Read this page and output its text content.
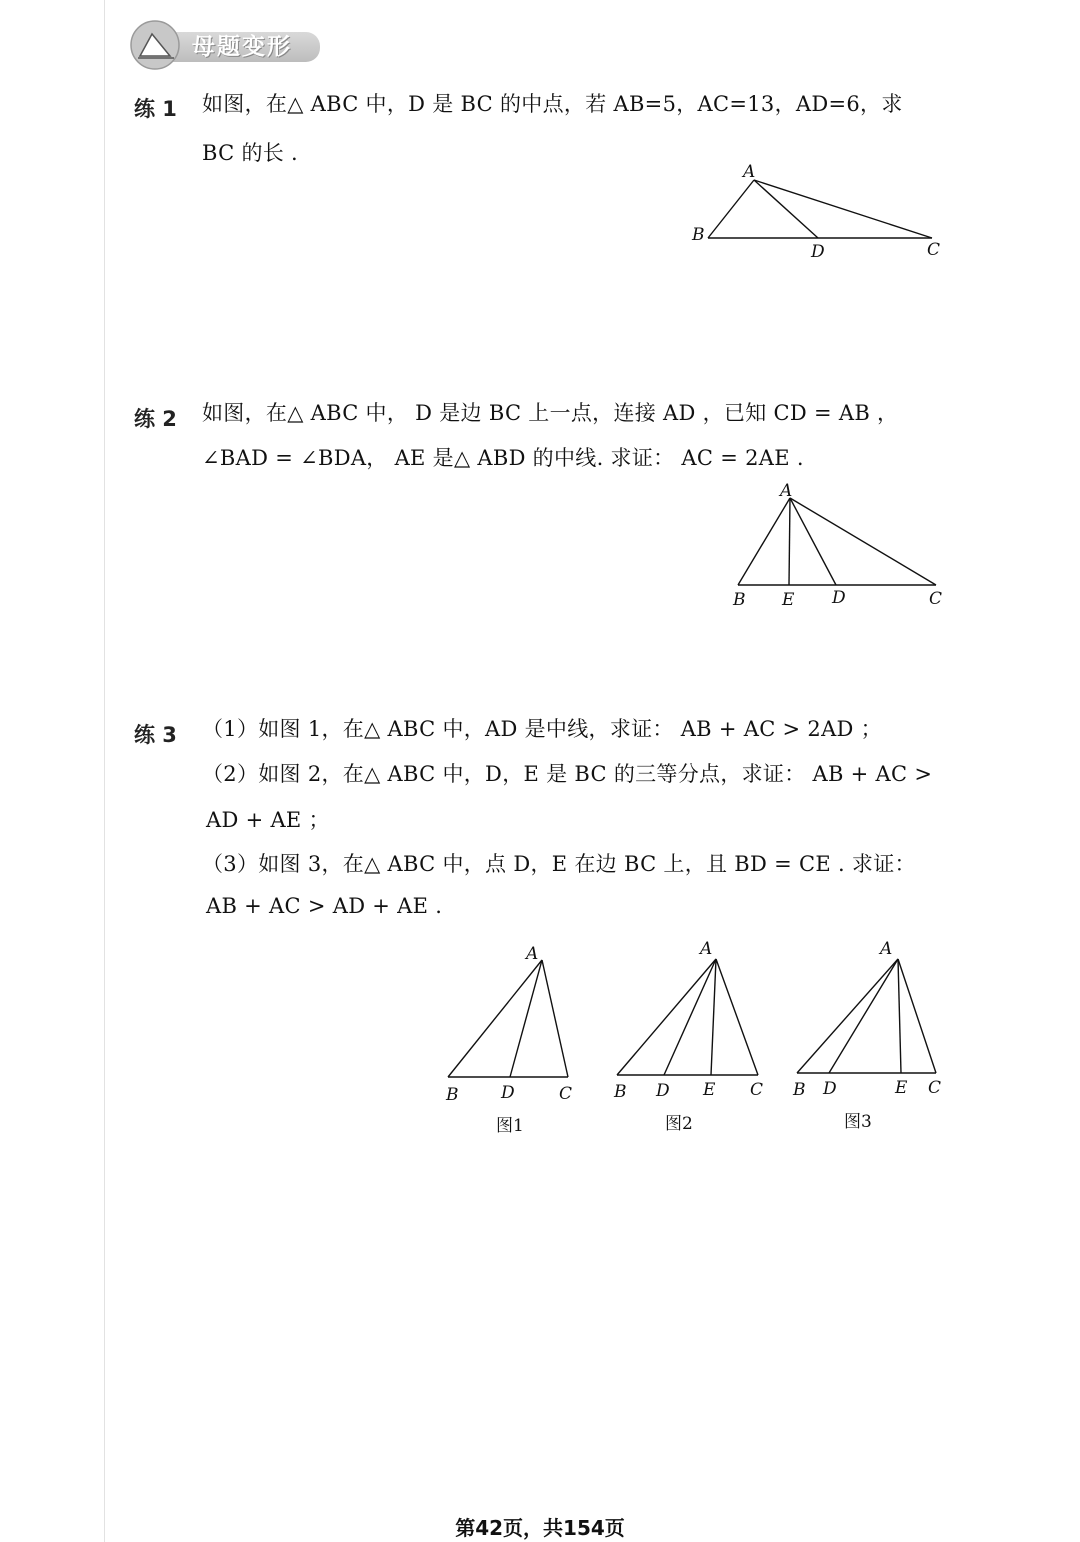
母题变形
练 1 如图，在△ ABC 中，D 是 BC 的中点，若 AB=5，AC=13，AD=6，求
BC 的长 .
A
B
D	C
练 2 如图，在△ ABC 中， D 是边 BC 上一点，连接 AD ，已知 CD = AB ，
∠BAD = ∠BDA， AE 是△ ABD 的中线. 求证： AC = 2AE .
A
B E D	C
练 3 （1）如图 1，在△ ABC 中，AD 是中线，求证： AB + AC > 2AD ；
（2）如图 2，在△ ABC 中，D，E 是 BC 的三等分点，求证： AB + AC >
AD + AE ；
（3）如图 3，在△ ABC 中，点 D，E 在边 BC 上，且 BD = CE . 求证：
AB + AC > AD + AE .
A
B	D	C
图1
A
B D E C
图2
A
B D	E C
图3
第42页，共154页
